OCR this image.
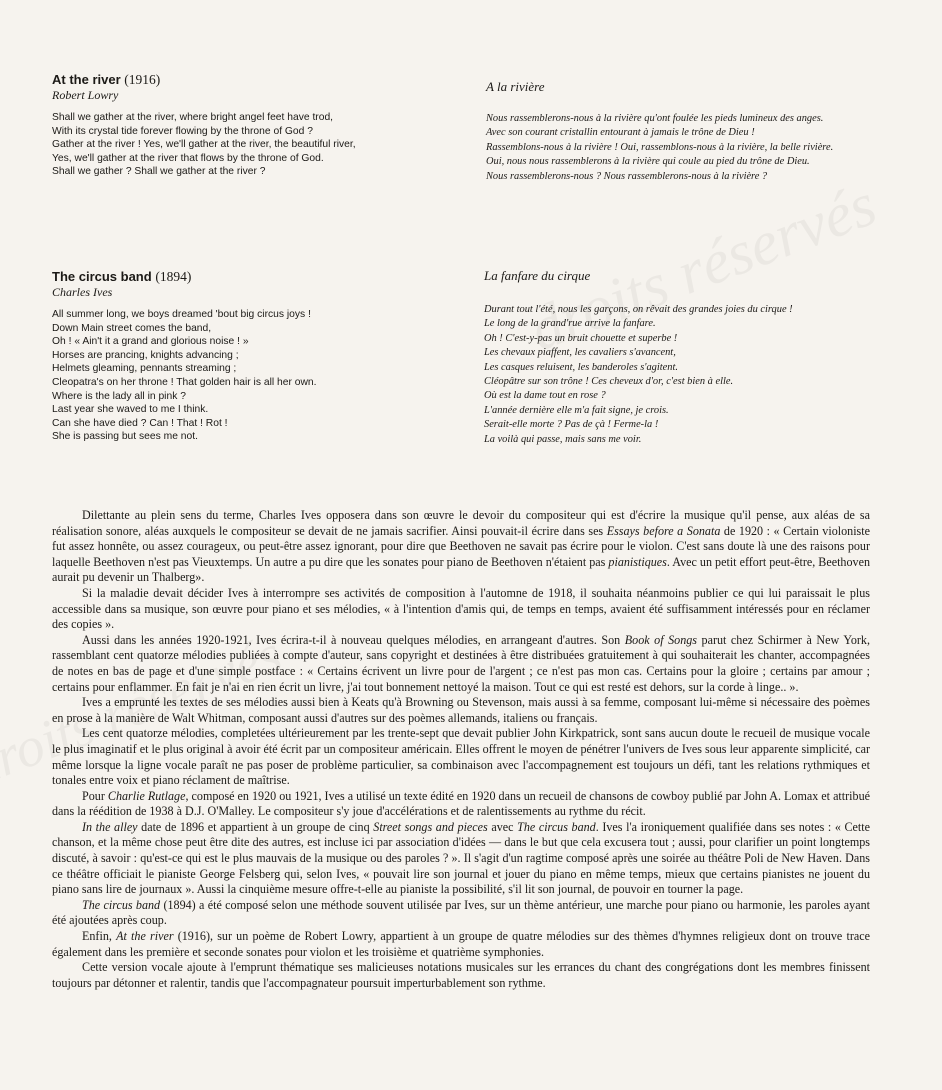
At the river (1916)

Robert Lowry

Shall we gather at the river, where bright angel feet have trod,
With its crystal tide forever flowing by the throne of God ?
Gather at the river ! Yes, we'll gather at the river, the beautiful river,
Yes, we'll gather at the river that flows by the throne of God.
Shall we gather ? Shall we gather at the river ?

A la rivière

Nous rassemblerons-nous à la rivière qu'ont foulée les pieds lumineux des anges.
Avec son courant cristallin entourant à jamais le trône de Dieu !
Rassemblons-nous à la rivière ! Oui, rassemblons-nous à la rivière, la belle rivière.
Oui, nous nous rassemblerons à la rivière qui coule au pied du trône de Dieu.
Nous rassemblerons-nous ? Nous rassemblerons-nous à la rivière ?

The circus band (1894)

Charles Ives

All summer long, we boys dreamed 'bout big circus joys !
Down Main street comes the band,
Oh ! « Ain't it a grand and glorious noise ! »
Horses are prancing, knights advancing ;
Helmets gleaming, pennants streaming ;
Cleopatra's on her throne ! That golden hair is all her own.
Where is the lady all in pink ?
Last year she waved to me I think.
Can she have died ? Can ! That ! Rot !
She is passing but sees me not.

La fanfare du cirque

Durant tout l'été, nous les garçons, on rêvait des grandes joies du cirque !
Le long de la grand'rue arrive la fanfare.
Oh ! C'est-y-pas un bruit chouette et superbe !
Les chevaux piaffent, les cavaliers s'avancent,
Les casques reluisent, les banderoles s'agitent.
Cléopâtre sur son trône ! Ces cheveux d'or, c'est bien à elle.
Où est la dame tout en rose ?
L'année dernière elle m'a fait signe, je crois.
Serait-elle morte ? Pas de çà ! Ferme-la !
La voilà qui passe, mais sans me voir.

Dilettante au plein sens du terme, Charles Ives opposera dans son œuvre le devoir du compositeur qui est d'écrire la musique qu'il pense, aux aléas de sa réalisation sonore, aléas auxquels le compositeur se devait de ne jamais sacrifier. Ainsi pouvait-il écrire dans ses Essays before a Sonata de 1920 : « Certain violoniste fut assez honnête, ou assez courageux, ou peut-être assez ignorant, pour dire que Beethoven ne savait pas écrire pour le violon. C'est sans doute là une des raisons pour laquelle Beethoven n'est pas Vieuxtemps. Un autre a pu dire que les sonates pour piano de Beethoven n'étaient pas pianistiques. Avec un petit effort peut-être, Beethoven aurait pu devenir un Thalberg».

Si la maladie devait décider Ives à interrompre ses activités de composition à l'automne de 1918, il souhaita néanmoins publier ce qui lui paraissait le plus accessible dans sa musique, son œuvre pour piano et ses mélodies, « à l'intention d'amis qui, de temps en temps, avaient été suffisamment intéressés pour en réclamer des copies ».

Aussi dans les années 1920-1921, Ives écrira-t-il à nouveau quelques mélodies, en arrangeant d'autres. Son Book of Songs parut chez Schirmer à New York, rassemblant cent quatorze mélodies publiées à compte d'auteur, sans copyright et destinées à être distribuées gratuitement à qui souhaiterait les chanter, accompagnées de notes en bas de page et d'une simple postface : « Certains écrivent un livre pour de l'argent ; ce n'est pas mon cas. Certains pour la gloire ; certains par amour ; certains pour enflammer. En fait je n'ai en rien écrit un livre, j'ai tout bonnement nettoyé la maison. Tout ce qui est resté est dehors, sur la corde à linge.. ».

Ives a emprunté les textes de ses mélodies aussi bien à Keats qu'à Browning ou Stevenson, mais aussi à sa femme, composant lui-même si nécessaire des poèmes en prose à la manière de Walt Whitman, composant aussi d'autres sur des poèmes allemands, italiens ou français.

Les cent quatorze mélodies, completées ultérieurement par les trente-sept que devait publier John Kirkpatrick, sont sans aucun doute le recueil de musique vocale le plus imaginatif et le plus original à avoir été écrit par un compositeur américain. Elles offrent le moyen de pénétrer l'univers de Ives sous leur apparente simplicité, car même lorsque la ligne vocale paraît ne pas poser de problème particulier, sa combinaison avec l'accompagnement est toujours un défi, tant les relations rythmiques et tonales entre voix et piano réclament de maîtrise.

Pour Charlie Rutlage, composé en 1920 ou 1921, Ives a utilisé un texte édité en 1920 dans un recueil de chansons de cowboy publié par John A. Lomax et attribué dans la réédition de 1938 à D.J. O'Malley. Le compositeur s'y joue d'accélérations et de ralentissements au rythme du récit.

In the alley date de 1896 et appartient à un groupe de cinq Street songs and pieces avec The circus band. Ives l'a ironiquement qualifiée dans ses notes : « Cette chanson, et la même chose peut être dite des autres, est incluse ici par association d'idées — dans le but que cela excusera tout ; aussi, pour clarifier un point longtemps discuté, à savoir : qu'est-ce qui est le plus mauvais de la musique ou des paroles ? ». Il s'agit d'un ragtime composé après une soirée au théâtre Poli de New Haven. Dans ce théâtre officiait le pianiste George Felsberg qui, selon Ives, « pouvait lire son journal et jouer du piano en même temps, mieux que certains pianistes ne jouent du piano sans lire de journaux ». Aussi la cinquième mesure offre-t-elle au pianiste la possibilité, s'il lit son journal, de pouvoir en tourner la page.

The circus band (1894) a été composé selon une méthode souvent utilisée par Ives, sur un thème antérieur, une marche pour piano ou harmonie, les paroles ayant été ajoutées après coup.

Enfin, At the river (1916), sur un poème de Robert Lowry, appartient à un groupe de quatre mélodies sur des thèmes d'hymnes religieux dont on trouve trace également dans les première et seconde sonates pour violon et les troisième et quatrième symphonies.

Cette version vocale ajoute à l'emprunt thématique ses malicieuses notations musicales sur les errances du chant des congrégations dont les membres finissent toujours par détonner et ralentir, tandis que l'accompagnateur poursuit imperturbablement son rythme.
